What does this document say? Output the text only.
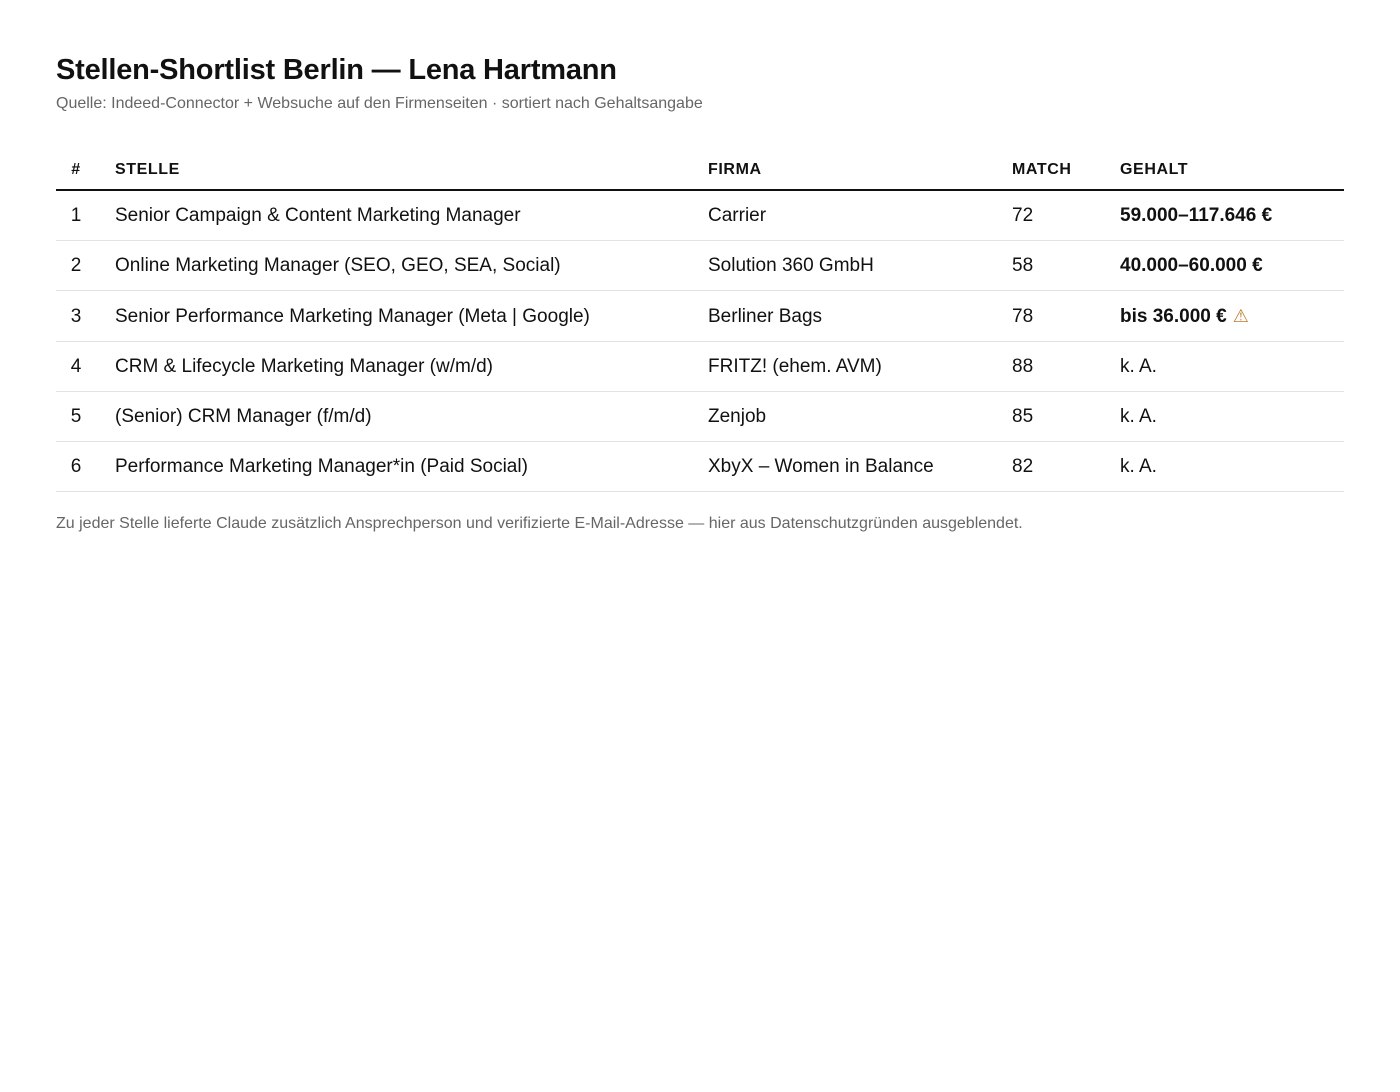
Stellen-Shortlist Berlin — Lena Hartmann
Quelle: Indeed-Connector + Websuche auf den Firmenseiten · sortiert nach Gehaltsangabe
#	STELLE	FIRMA	MATCH	GEHALT
1	Senior Campaign & Content Marketing Manager	Carrier	72	59.000–117.646 €
2	Online Marketing Manager (SEO, GEO, SEA, Social)	Solution 360 GmbH	58	40.000–60.000 €
3	Senior Performance Marketing Manager (Meta | Google)	Berliner Bags	78	bis 36.000 € ⚠
4	CRM & Lifecycle Marketing Manager (w/m/d)	FRITZ! (ehem. AVM)	88	k. A.
5	(Senior) CRM Manager (f/m/d)	Zenjob	85	k. A.
6	Performance Marketing Manager*in (Paid Social)	XbyX – Women in Balance	82	k. A.
Zu jeder Stelle lieferte Claude zusätzlich Ansprechperson und verifizierte E-Mail-Adresse — hier aus Datenschutzgründen ausgeblendet.
